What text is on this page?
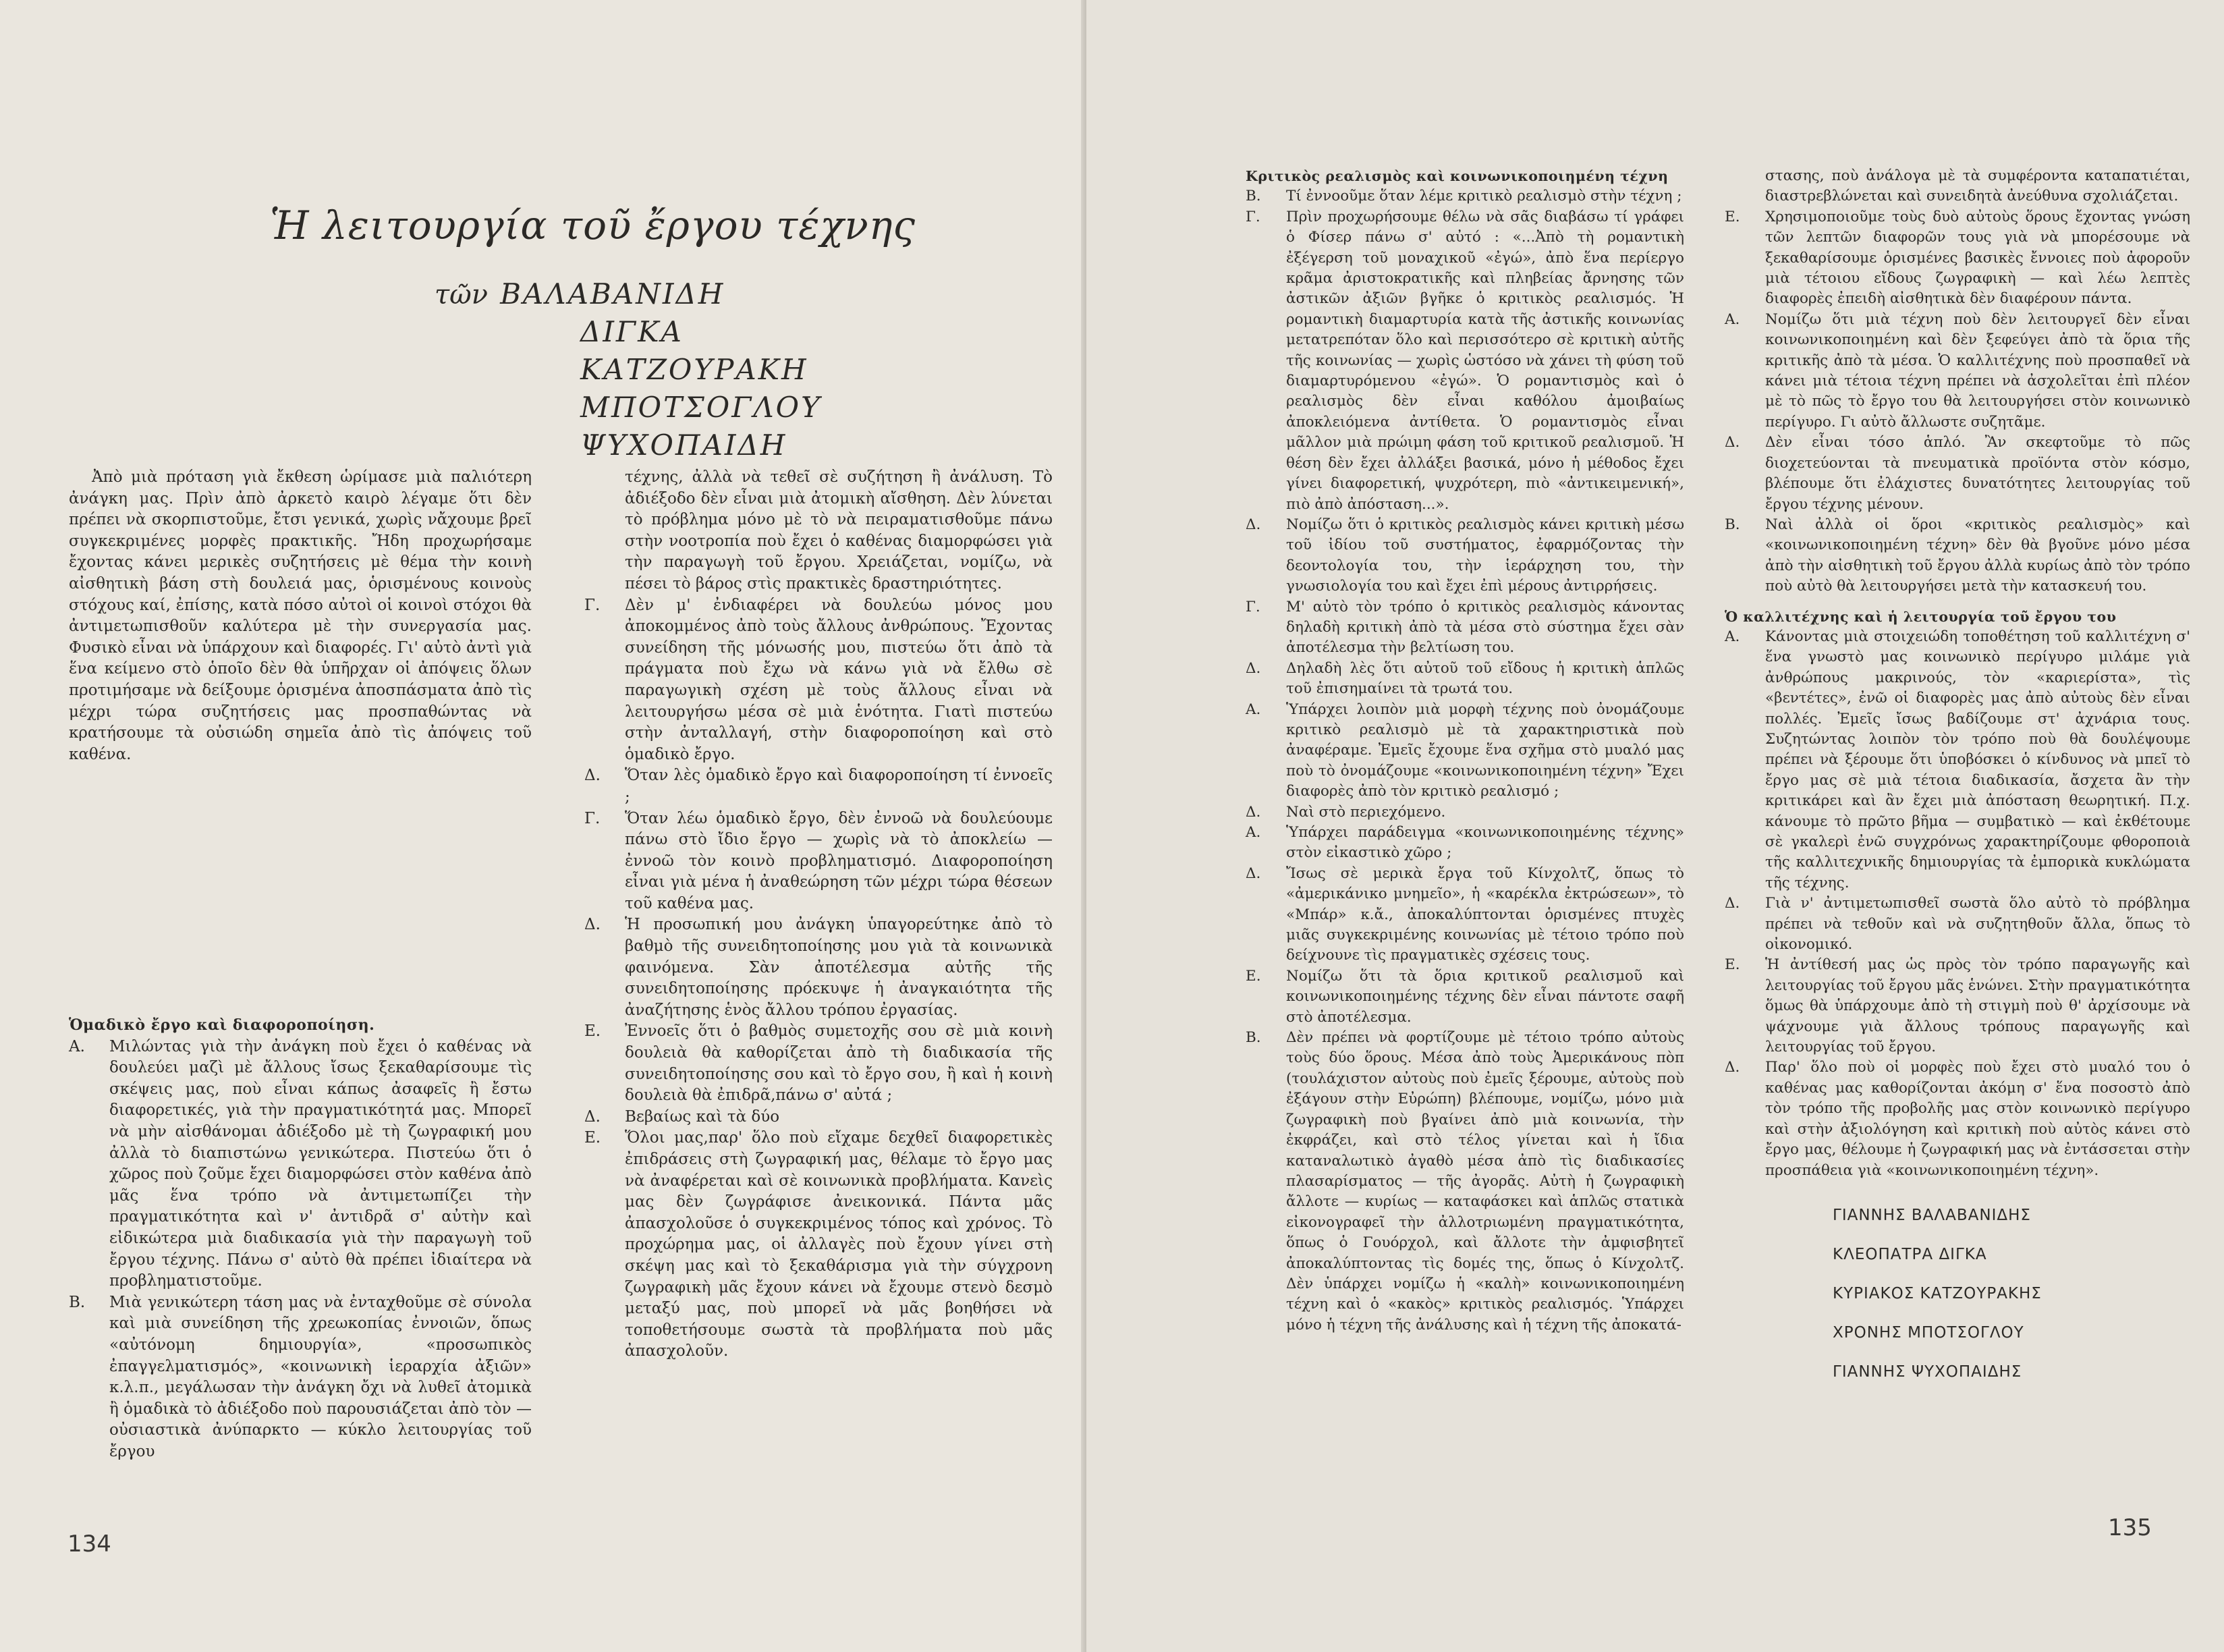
Ἡ λειτουργία τοῦ ἔργου τέχνης
τῶν ΒΑΛΑΒΑΝΙΔΗ
ΔΙΓΚΑ
ΚΑΤΖΟΥΡΑΚΗ
ΜΠΟΤΣΟΓΛΟΥ
ΨΥΧΟΠΑΙΔΗ

Ἀπὸ μιὰ πρόταση γιὰ ἔκθεση ὡρίμασε μιὰ παλιότερη ἀνάγκη μας. Πρὶν ἀπὸ ἀρκετὸ καιρὸ λέγαμε ὅτι δὲν πρέπει νὰ σκορπιστοῦμε, ἔτσι γενικά, χωρὶς νἄχουμε βρεῖ συγκεκριμένες μορφὲς πρακτικῆς. Ἤδη προχωρήσαμε ἔχοντας κάνει μερικὲς συζητήσεις μὲ θέμα τὴν κοινὴ αἰσθητικὴ βάση στὴ δουλειά μας, ὁρισμένους κοινοὺς στόχους καί, ἐπίσης, κατὰ πόσο αὐτοὶ οἱ κοινοὶ στόχοι θὰ ἀντιμετωπισθοῦν καλύτερα μὲ τὴν συνεργασία μας. Φυσικὸ εἶναι νὰ ὑπάρχουν καὶ διαφορές. Γι' αὐτὸ ἀντὶ γιὰ ἕνα κείμενο στὸ ὁποῖο δὲν θὰ ὑπῆρχαν οἱ ἀπόψεις ὅλων προτιμήσαμε νὰ δείξουμε ὁρισμένα ἀποσπάσματα ἀπὸ τὶς μέχρι τώρα συζητήσεις μας προσπαθώντας νὰ κρατήσουμε τὰ οὐσιώδη σημεῖα ἀπὸ τὶς ἀπόψεις τοῦ καθένα.

Ὁμαδικὸ ἔργο καὶ διαφοροποίηση.

Α.	Μιλώντας γιὰ τὴν ἀνάγκη ποὺ ἔχει ὁ καθένας νὰ δουλεύει μαζὶ μὲ ἄλλους ἴσως ξεκαθαρίσουμε τὶς σκέψεις μας, ποὺ εἶναι κάπως ἀσαφεῖς ἢ ἔστω διαφορετικές, γιὰ τὴν πραγματικότητά μας. Μπορεῖ νὰ μὴν αἰσθάνομαι ἀδιέξοδο μὲ τὴ ζωγραφική μου ἀλλὰ τὸ διαπιστώνω γενικώτερα. Πιστεύω ὅτι ὁ χῶρος ποὺ ζοῦμε ἔχει διαμορφώσει στὸν καθένα ἀπὸ μᾶς ἕνα τρόπο νὰ ἀντιμετωπίζει τὴν πραγματικότητα καὶ ν' ἀντιδρᾶ σ' αὐτὴν καὶ εἰδικώτερα μιὰ διαδικασία γιὰ τὴν παραγωγὴ τοῦ ἔργου τέχνης. Πάνω σ' αὐτὸ θὰ πρέπει ἰδιαίτερα νὰ προβληματιστοῦμε.
Β.	Μιὰ γενικώτερη τάση μας νὰ ἐνταχθοῦμε σὲ σύνολα καὶ μιὰ συνείδηση τῆς χρεωκοπίας ἐννοιῶν, ὅπως «αὐτόνομη δημιουργία», «προσωπικὸς ἐπαγγελματισμός», «κοινωνικὴ ἱεραρχία ἀξιῶν» κ.λ.π., μεγάλωσαν τὴν ἀνάγκη ὄχι νὰ λυθεῖ ἀτομικὰ ἢ ὁμαδικὰ τὸ ἀδιέξοδο ποὺ παρουσιάζεται ἀπὸ τὸν — οὐσιαστικὰ ἀνύπαρκτο — κύκλο λειτουργίας τοῦ ἔργου

τέχνης, ἀλλὰ νὰ τεθεῖ σὲ συζήτηση ἢ ἀνάλυση. Τὸ ἀδιέξοδο δὲν εἶναι μιὰ ἀτομικὴ αἴσθηση. Δὲν λύνεται τὸ πρόβλημα μόνο μὲ τὸ νὰ πειραματισθοῦμε πάνω στὴν νοοτροπία ποὺ ἔχει ὁ καθένας διαμορφώσει γιὰ τὴν παραγωγὴ τοῦ ἔργου. Χρειάζεται, νομίζω, νὰ πέσει τὸ βάρος στὶς πρακτικὲς δραστηριότητες.

Γ.	Δὲν μ' ἐνδιαφέρει νὰ δουλεύω μόνος μου ἀποκομμένος ἀπὸ τοὺς ἄλλους ἀνθρώπους. Ἔχοντας συνείδηση τῆς μόνωσής μου, πιστεύω ὅτι ἀπὸ τὰ πράγματα ποὺ ἔχω νὰ κάνω γιὰ νὰ ἔλθω σὲ παραγωγικὴ σχέση μὲ τοὺς ἄλλους εἶναι νὰ λειτουργήσω μέσα σὲ μιὰ ἑνότητα. Γιατὶ πιστεύω στὴν ἀνταλλαγή, στὴν διαφοροποίηση καὶ στὸ ὁμαδικὸ ἔργο.
Δ.	Ὅταν λὲς ὁμαδικὸ ἔργο καὶ διαφοροποίηση τί ἐννοεῖς ;
Γ.	Ὅταν λέω ὁμαδικὸ ἔργο, δὲν ἐννοῶ νὰ δουλεύουμε πάνω στὸ ἴδιο ἔργο — χωρὶς νὰ τὸ ἀποκλείω — ἐννοῶ τὸν κοινὸ προβληματισμό. Διαφοροποίηση εἶναι γιὰ μένα ἡ ἀναθεώρηση τῶν μέχρι τώρα θέσεων τοῦ καθένα μας.
Δ.	Ἡ προσωπική μου ἀνάγκη ὑπαγορεύτηκε ἀπὸ τὸ βαθμὸ τῆς συνειδητοποίησης μου γιὰ τὰ κοινωνικὰ φαινόμενα. Σὰν ἀποτέλεσμα αὐτῆς τῆς συνειδητοποίησης πρόεκυψε ἡ ἀναγκαιότητα τῆς ἀναζήτησης ἑνὸς ἄλλου τρόπου ἐργασίας.
Ε.	Ἐννοεῖς ὅτι ὁ βαθμὸς συμετοχῆς σου σὲ μιὰ κοινὴ δουλειὰ θὰ καθορίζεται ἀπὸ τὴ διαδικασία τῆς συνειδητοποίησης σου καὶ τὸ ἔργο σου, ἢ καὶ ἡ κοινὴ δουλειὰ θὰ ἐπιδρᾶ,πάνω σ' αὐτά ;
Δ.	Βεβαίως καὶ τὰ δύο
Ε.	Ὅλοι μας,παρ' ὅλο ποὺ εἴχαμε δεχθεῖ διαφορετικὲς ἐπιδράσεις στὴ ζωγραφική μας, θέλαμε τὸ ἔργο μας νὰ ἀναφέρεται καὶ σὲ κοινωνικὰ προβλήματα. Κανεὶς μας δὲν ζωγράφισε ἀνεικονικά. Πάντα μᾶς ἀπασχολοῦσε ὁ συγκεκριμένος τόπος καὶ χρόνος. Τὸ προχώρημα μας, οἱ ἀλλαγὲς ποὺ ἔχουν γίνει στὴ σκέψη μας καὶ τὸ ξεκαθάρισμα γιὰ τὴν σύγχρονη ζωγραφικὴ μᾶς ἔχουν κάνει νὰ ἔχουμε στενὸ δεσμὸ μεταξύ μας, ποὺ μπορεῖ νὰ μᾶς βοηθήσει νὰ τοποθετήσουμε σωστὰ τὰ προβλήματα ποὺ μᾶς ἀπασχολοῦν.
134

Κριτικὸς ρεαλισμὸς καὶ κοινωνικοποιημένη τέχνη

Β.	Τί ἐννοοῦμε ὅταν λέμε κριτικὸ ρεαλισμὸ στὴν τέχνη ;
Γ.	Πρὶν προχωρήσουμε θέλω νὰ σᾶς διαβάσω τί γράφει ὁ Φίσερ πάνω σ' αὐτό : «...Ἀπὸ τὴ ρομαντικὴ ἐξέγερση τοῦ μοναχικοῦ «ἐγώ», ἀπὸ ἕνα περίεργο κρᾶμα ἀριστοκρατικῆς καὶ πληβείας ἄρνησης τῶν ἀστικῶν ἀξιῶν βγῆκε ὁ κριτικὸς ρεαλισμός. Ἡ ρομαντικὴ διαμαρτυρία κατὰ τῆς ἀστικῆς κοινωνίας μετατρεπόταν ὅλο καὶ περισσότερο σὲ κριτικὴ αὐτῆς τῆς κοινωνίας — χωρὶς ὡστόσο νὰ χάνει τὴ φύση τοῦ διαμαρτυρόμενου «ἐγώ». Ὁ ρομαντισμὸς καὶ ὁ ρεαλισμὸς δὲν εἶναι καθόλου ἀμοιβαίως ἀποκλειόμενα ἀντίθετα. Ὁ ρομαντισμὸς εἶναι μᾶλλον μιὰ πρώιμη φάση τοῦ κριτικοῦ ρεαλισμοῦ. Ἡ θέση δὲν ἔχει ἀλλάξει βασικά, μόνο ἡ μέθοδος ἔχει γίνει διαφορετική, ψυχρότερη, πιὸ «ἀντικειμενική», πιὸ ἀπὸ ἀπόσταση...».
Δ.	Νομίζω ὅτι ὁ κριτικὸς ρεαλισμὸς κάνει κριτικὴ μέσω τοῦ ἰδίου τοῦ συστήματος, ἐφαρμόζοντας τὴν δεοντολογία του, τὴν ἱεράρχηση του, τὴν γνωσιολογία του καὶ ἔχει ἐπὶ μέρους ἀντιρρήσεις.
Γ.	Μ' αὐτὸ τὸν τρόπο ὁ κριτικὸς ρεαλισμὸς κάνοντας δηλαδὴ κριτικὴ ἀπὸ τὰ μέσα στὸ σύστημα ἔχει σὰν ἀποτέλεσμα τὴν βελτίωση του.
Δ.	Δηλαδὴ λὲς ὅτι αὐτοῦ τοῦ εἴδους ἡ κριτικὴ ἁπλῶς τοῦ ἐπισημαίνει τὰ τρωτά του.
Α.	Ὑπάρχει λοιπὸν μιὰ μορφὴ τέχνης ποὺ ὀνομάζουμε κριτικὸ ρεαλισμὸ μὲ τὰ χαρακτηριστικὰ ποὺ ἀναφέραμε. Ἐμεῖς ἔχουμε ἕνα σχῆμα στὸ μυαλό μας ποὺ τὸ ὀνομάζουμε «κοινωνικοποιημένη τέχνη» Ἔχει διαφορὲς ἀπὸ τὸν κριτικὸ ρεαλισμό ;
Δ.	Ναὶ στὸ περιεχόμενο.
Α.	Ὑπάρχει παράδειγμα «κοινωνικοποιημένης τέχνης» στὸν εἰκαστικὸ χῶρο ;
Δ.	Ἴσως σὲ μερικὰ ἔργα τοῦ Κίνχολτζ, ὅπως τὸ «ἀμερικάνικο μνημεῖο», ἡ «καρέκλα ἐκτρώσεων», τὸ «Μπάρ» κ.ἄ., ἀποκαλύπτονται ὁρισμένες πτυχὲς μιᾶς συγκεκριμένης κοινωνίας μὲ τέτοιο τρόπο ποὺ δείχνουνε τὶς πραγματικὲς σχέσεις τους.
Ε.	Νομίζω ὅτι τὰ ὅρια κριτικοῦ ρεαλισμοῦ καὶ κοινωνικοποιημένης τέχνης δὲν εἶναι πάντοτε σαφῆ στὸ ἀποτέλεσμα.
Β.	Δὲν πρέπει νὰ φορτίζουμε μὲ τέτοιο τρόπο αὐτοὺς τοὺς δύο ὅρους. Μέσα ἀπὸ τοὺς Ἀμερικάνους πὸπ (τουλάχιστον αὐτοὺς ποὺ ἐμεῖς ξέρουμε, αὐτοὺς ποὺ ἐξάγουν στὴν Εὐρώπη) βλέπουμε, νομίζω, μόνο μιὰ ζωγραφικὴ ποὺ βγαίνει ἀπὸ μιὰ κοινωνία, τὴν ἐκφράζει, καὶ στὸ τέλος γίνεται καὶ ἡ ἴδια καταναλωτικὸ ἀγαθὸ μέσα ἀπὸ τὶς διαδικασίες πλασαρίσματος — τῆς ἀγορᾶς. Αὐτὴ ἡ ζωγραφικὴ ἄλλοτε — κυρίως — καταφάσκει καὶ ἁπλῶς στατικὰ εἰκονογραφεῖ τὴν ἀλλοτριωμένη πραγματικότητα, ὅπως ὁ Γουόρχολ, καὶ ἄλλοτε τὴν ἀμφισβητεῖ ἀποκαλύπτοντας τὶς δομές της, ὅπως ὁ Κίνχολτζ. Δὲν ὑπάρχει νομίζω ἡ «καλὴ» κοινωνικοποιημένη τέχνη καὶ ὁ «κακὸς» κριτικὸς ρεαλισμός. Ὑπάρχει μόνο ἡ τέχνη τῆς ἀνάλυσης καὶ ἡ τέχνη τῆς ἀποκατά-

στασης, ποὺ ἀνάλογα μὲ τὰ συμφέροντα καταπατιέται, διαστρεβλώνεται καὶ συνειδητὰ ἀνεύθυνα σχολιάζεται.

Ε.	Χρησιμοποιοῦμε τοὺς δυὸ αὐτοὺς ὅρους ἔχοντας γνώση τῶν λεπτῶν διαφορῶν τους γιὰ νὰ μπορέσουμε νὰ ξεκαθαρίσουμε ὁρισμένες βασικὲς ἔννοιες ποὺ ἀφοροῦν μιὰ τέτοιου εἴδους ζωγραφικὴ — καὶ λέω λεπτὲς διαφορὲς ἐπειδὴ αἰσθητικὰ δὲν διαφέρουν πάντα.
Α.	Νομίζω ὅτι μιὰ τέχνη ποὺ δὲν λειτουργεῖ δὲν εἶναι κοινωνικοποιημένη καὶ δὲν ξεφεύγει ἀπὸ τὰ ὅρια τῆς κριτικῆς ἀπὸ τὰ μέσα. Ὁ καλλιτέχνης ποὺ προσπαθεῖ νὰ κάνει μιὰ τέτοια τέχνη πρέπει νὰ ἀσχολεῖται ἐπὶ πλέον μὲ τὸ πῶς τὸ ἔργο του θὰ λειτουργήσει στὸν κοινωνικὸ περίγυρο. Γι αὐτὸ ἄλλωστε συζητᾶμε.
Δ.	Δὲν εἶναι τόσο ἁπλό. Ἂν σκεφτοῦμε τὸ πῶς διοχετεύονται τὰ πνευματικὰ προϊόντα στὸν κόσμο, βλέπουμε ὅτι ἐλάχιστες δυνατότητες λειτουργίας τοῦ ἔργου τέχνης μένουν.
Β.	Ναὶ ἀλλὰ οἱ ὅροι «κριτικὸς ρεαλισμὸς» καὶ «κοινωνικοποιημένη τέχνη» δὲν θὰ βγοῦνε μόνο μέσα ἀπὸ τὴν αἰσθητικὴ τοῦ ἔργου ἀλλὰ κυρίως ἀπὸ τὸν τρόπο ποὺ αὐτὸ θὰ λειτουργήσει μετὰ τὴν κατασκευή του.

Ὁ καλλιτέχνης καὶ ἡ λειτουργία τοῦ ἔργου του

Α.	Κάνοντας μιὰ στοιχειώδη τοποθέτηση τοῦ καλλιτέχνη σ' ἕνα γνωστὸ μας κοινωνικὸ περίγυρο μιλάμε γιὰ ἀνθρώπους μακρινούς, τὸν «καριερίστα», τὶς «βεντέτες», ἐνῶ οἱ διαφορὲς μας ἀπὸ αὐτοὺς δὲν εἶναι πολλές. Ἐμεῖς ἴσως βαδίζουμε στ' ἀχνάρια τους. Συζητώντας λοιπὸν τὸν τρόπο ποὺ θὰ δουλέψουμε πρέπει νὰ ξέρουμε ὅτι ὑποβόσκει ὁ κίνδυνος νὰ μπεῖ τὸ ἔργο μας σὲ μιὰ τέτοια διαδικασία, ἄσχετα ἂν τὴν κριτικάρει καὶ ἂν ἔχει μιὰ ἀπόσταση θεωρητική. Π.χ. κάνουμε τὸ πρῶτο βῆμα — συμβατικὸ — καὶ ἐκθέτουμε σὲ γκαλερὶ ἐνῶ συγχρόνως χαρακτηρίζουμε φθοροποιὰ τῆς καλλιτεχνικῆς δημιουργίας τὰ ἐμπορικὰ κυκλώματα τῆς τέχνης.
Δ.	Γιὰ ν' ἀντιμετωπισθεῖ σωστὰ ὅλο αὐτὸ τὸ πρόβλημα πρέπει νὰ τεθοῦν καὶ νὰ συζητηθοῦν ἄλλα, ὅπως τὸ οἰκονομικό.
Ε.	Ἡ ἀντίθεσή μας ὡς πρὸς τὸν τρόπο παραγωγῆς καὶ λειτουργίας τοῦ ἔργου μᾶς ἑνώνει. Στὴν πραγματικότητα ὅμως θὰ ὑπάρχουμε ἀπὸ τὴ στιγμὴ ποὺ θ' ἀρχίσουμε νὰ ψάχνουμε γιὰ ἄλλους τρόπους παραγωγῆς καὶ λειτουργίας τοῦ ἔργου.
Δ.	Παρ' ὅλο ποὺ οἱ μορφὲς ποὺ ἔχει στὸ μυαλό του ὁ καθένας μας καθορίζονται ἀκόμη σ' ἕνα ποσοστὸ ἀπὸ τὸν τρόπο τῆς προβολῆς μας στὸν κοινωνικὸ περίγυρο καὶ στὴν ἀξιολόγηση καὶ κριτικὴ ποὺ αὐτὸς κάνει στὸ ἔργο μας, θέλουμε ἡ ζωγραφική μας νὰ ἐντάσσεται στὴν προσπάθεια γιὰ «κοινωνικοποιημένη τέχνη».
ΓΙΑΝΝΗΣ ΒΑΛΑΒΑΝΙΔΗΣ
ΚΛΕΟΠΑΤΡΑ ΔΙΓΚΑ
ΚΥΡΙΑΚΟΣ ΚΑΤΖΟΥΡΑΚΗΣ
ΧΡΟΝΗΣ ΜΠΟΤΣΟΓΛΟΥ
ΓΙΑΝΝΗΣ ΨΥΧΟΠΑΙΔΗΣ
135
